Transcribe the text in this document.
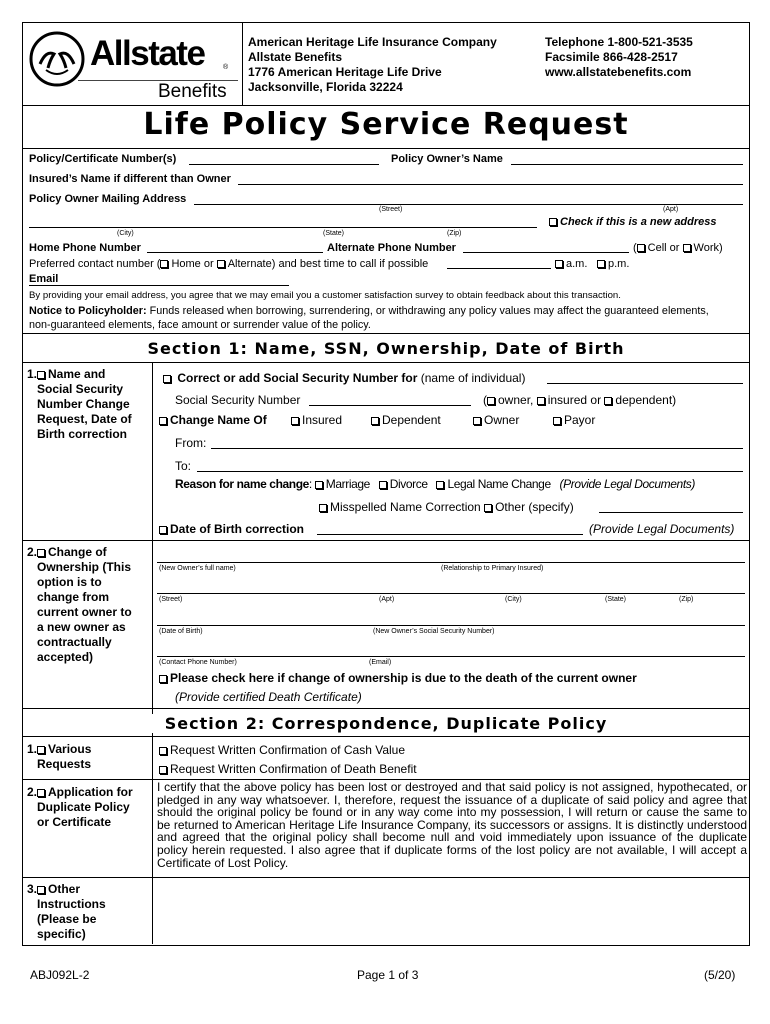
Allstate	®
Benefits
American Heritage Life Insurance Company
Allstate Benefits
1776 American Heritage Life Drive
Jacksonville, Florida 32224
Telephone 1-800-521-3535
Facsimile 866-428-2517
www.allstatebenefits.com
Life Policy Service Request
Policy/Certificate Number(s)	Policy Owner’s Name
Insured’s Name if different than Owner
Policy Owner Mailing Address
(Street)	(Apt)
(City)	(State)	(Zip)
Check if this is a new address
Home Phone Number	Alternate Phone Number	( Cell or Work)
Preferred contact number ( Home or Alternate) and best time to call if possible	a.m.	p.m.
Email
By providing your email address, you agree that we may email you a customer satisfaction survey to obtain feedback about this transaction.
Notice to Policyholder: Funds released when borrowing, surrendering, or withdrawing any policy values may affect the guaranteed elements,
non-guaranteed elements, face amount or surrender value of the policy.
Section 1: Name, SSN, Ownership, Date of Birth
1. Name and
Social Security
Number Change
Request, Date of
Birth correction
Correct or add Social Security Number for (name of individual)
Social Security Number	( owner, insured or dependent)
Change Name Of	Insured	Dependent	Owner	Payor
From:
To:
Reason for name change: Marriage Divorce Legal Name Change (Provide Legal Documents)
Misspelled Name Correction Other (specify)
Date of Birth correction	(Provide Legal Documents)
2. Change of
Ownership (This
option is to
change from
current owner to
a new owner as
contractually
accepted)
(New Owner’s full name)	(Relationship to Primary Insured)
(Street)	(Apt)	(City)	(State)	(Zip)
(Date of Birth)	(New Owner’s Social Security Number)
(Contact Phone Number)	(Email)
Please check here if change of ownership is due to the death of the current owner
(Provide certified Death Certificate)
Section 2: Correspondence, Duplicate Policy
1. Various
Requests
Request Written Confirmation of Cash Value
Request Written Confirmation of Death Benefit
2. Application for
Duplicate Policy
or Certificate
I certify that the above policy has been lost or destroyed and that said policy is not assigned, hypothecated, or pledged in any way whatsoever. I, therefore, request the issuance of a duplicate of said policy and agree that should the original policy be found or in any way come into my possession, I will return or cause the same to be returned to American Heritage Life Insurance Company, its successors or assigns. It is distinctly understood and agreed that the original policy shall become null and void immediately upon issuance of the duplicate policy herein requested. I also agree that if duplicate forms of the lost policy are not available, I will accept a Certificate of Lost Policy.
3. Other
Instructions
(Please be
specific)
ABJ092L-2	Page 1 of 3	(5/20)
